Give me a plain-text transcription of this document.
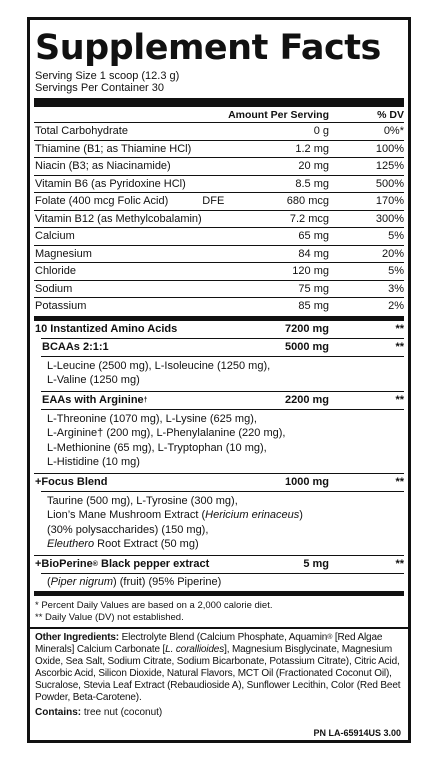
Supplement Facts
Serving Size 1 scoop (12.3 g)
Servings Per Container 30
Amount Per Serving	% DV
Total Carbohydrate	0 g	0%*
Thiamine (B1; as Thiamine HCl)	1.2 mg	100%
Niacin (B3; as Niacinamide)	20 mg	125%
Vitamin B6 (as Pyridoxine HCl)	8.5 mg	500%
Folate (400 mcg Folic Acid)	DFE	680 mcg	170%
Vitamin B12 (as Methylcobalamin)	7.2 mcg	300%
Calcium	65 mg	5%
Magnesium	84 mg	20%
Chloride	120 mg	5%
Sodium	75 mg	3%
Potassium	85 mg	2%
10 Instantized Amino Acids	7200 mg	**
BCAAs 2:1:1	5000 mg	**
L-Leucine (2500 mg), L-Isoleucine (1250 mg),
L-Valine (1250 mg)
EAAs with Arginine†	2200 mg	**
L-Threonine (1070 mg), L-Lysine (625 mg),
L-Arginine† (200 mg), L-Phenylalanine (220 mg),
L-Methionine (65 mg), L-Tryptophan (10 mg),
L-Histidine (10 mg)
+Focus Blend	1000 mg	**
Taurine (500 mg), L-Tyrosine (300 mg),
Lion’s Mane Mushroom Extract (Hericium erinaceus)
(30% polysaccharides) (150 mg),
Eleuthero Root Extract (50 mg)
+BioPerine® Black pepper extract	5 mg	**
(Piper nigrum) (fruit) (95% Piperine)
* Percent Daily Values are based on a 2,000 calorie diet.
** Daily Value (DV) not established.
Other Ingredients: Electrolyte Blend (Calcium Phosphate, Aquamin® [Red Algae Minerals] Calcium Carbonate [L. corallioides], Magnesium Bisglycinate, Magnesium Oxide, Sea Salt, Sodium Citrate, Sodium Bicarbonate, Potassium Citrate), Citric Acid, Ascorbic Acid, Silicon Dioxide, Natural Flavors, MCT Oil (Fractionated Coconut Oil), Sucralose, Stevia Leaf Extract (Rebaudioside A), Sunflower Lecithin, Color (Red Beet Powder, Beta-Carotene).
Contains: tree nut (coconut)
PN LA-65914US 3.00
